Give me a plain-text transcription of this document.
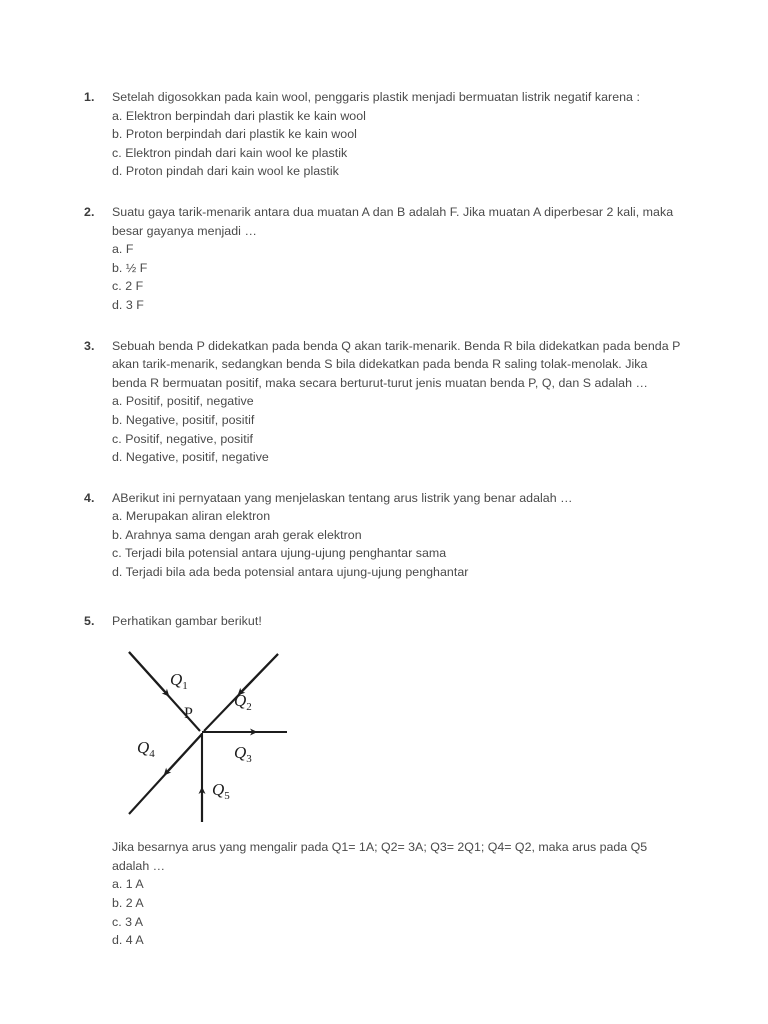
1.	Setelah digosokkan pada kain wool, penggaris plastik menjadi bermuatan listrik negatif karena :
a. Elektron berpindah dari plastik ke kain wool
b. Proton berpindah dari plastik ke kain wool
c. Elektron pindah dari kain wool ke plastik
d. Proton pindah dari kain wool ke plastik
2.	Suatu gaya tarik-menarik antara dua muatan A dan B adalah F. Jika muatan A diperbesar 2 kali, maka besar gayanya menjadi …
a. F
b. ½ F
c. 2 F
d. 3 F
3.	Sebuah benda P didekatkan pada benda Q akan tarik-menarik. Benda R bila didekatkan pada benda P akan tarik-menarik, sedangkan benda S bila didekatkan pada benda R saling tolak-menolak. Jika benda R bermuatan positif, maka secara berturut-turut jenis muatan benda P, Q, dan S adalah …
a. Positif, positif, negative
b. Negative, positif, positif
c. Positif, negative, positif
d. Negative, positif, negative
4.	ABerikut ini pernyataan yang menjelaskan tentang arus listrik yang benar adalah …
a. Merupakan aliran elektron
b. Arahnya sama dengan arah gerak elektron
c. Terjadi bila potensial antara ujung-ujung penghantar sama
d. Terjadi bila ada beda potensial antara ujung-ujung penghantar
5.	Perhatikan gambar berikut!
$Q_1$
$Q_2$
$Q_3$
$Q_4$
$Q_5$
P
Jika besarnya arus yang mengalir pada Q1= 1A; Q2= 3A; Q3= 2Q1; Q4= Q2, maka arus pada Q5 adalah …
a. 1 A
b. 2 A
c. 3 A
d. 4 A
